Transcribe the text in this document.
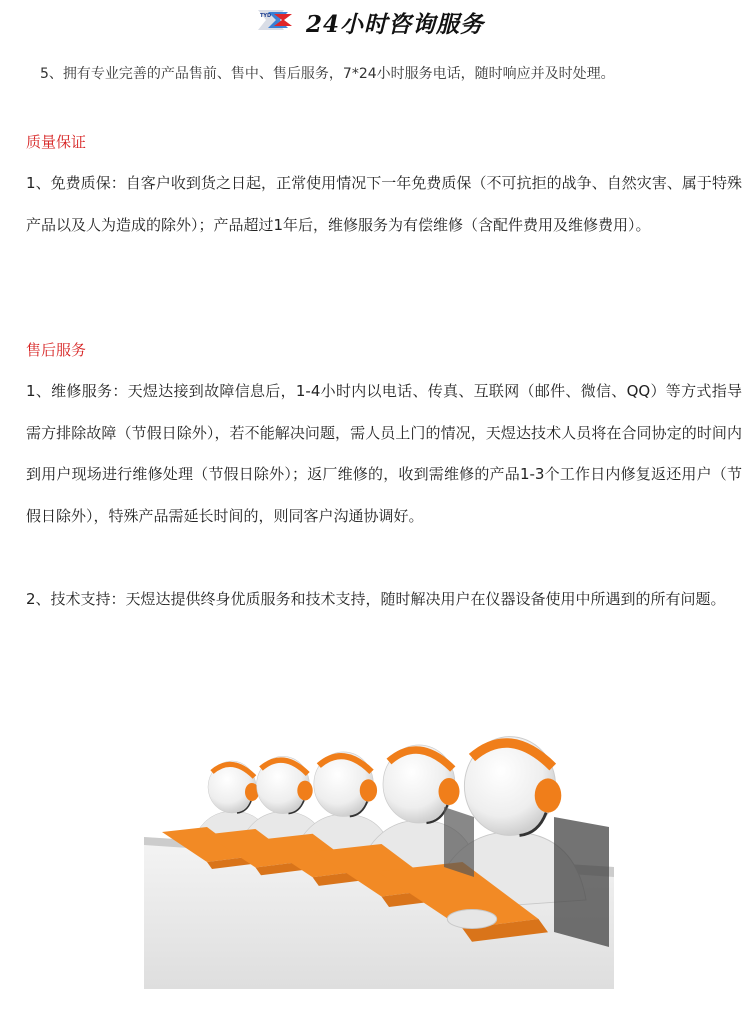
TYD 24小时咨询服务
5、拥有专业完善的产品售前、售中、售后服务，7*24小时服务电话，随时响应并及时处理。
质量保证
1、免费质保：自客户收到货之日起，正常使用情况下一年免费质保（不可抗拒的战争、自然灾害、属于特殊产品以及人为造成的除外）；产品超过1年后，维修服务为有偿维修（含配件费用及维修费用）。
售后服务
1、维修服务：天煜达接到故障信息后，1-4小时内以电话、传真、互联网（邮件、微信、QQ）等方式指导需方排除故障（节假日除外），若不能解决问题，需人员上门的情况，天煜达技术人员将在合同协定的时间内到用户现场进行维修处理（节假日除外）；返厂维修的，收到需维修的产品1-3个工作日内修复返还用户（节假日除外），特殊产品需延长时间的，则同客户沟通协调好。
2、技术支持：天煜达提供终身优质服务和技术支持，随时解决用户在仪器设备使用中所遇到的所有问题。
